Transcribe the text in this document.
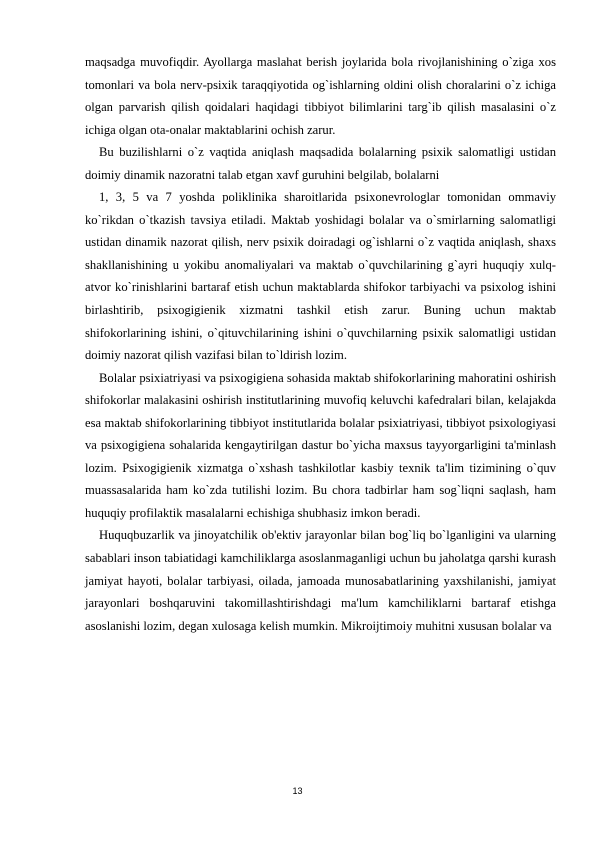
maqsadga muvofiqdir. Ayollarga maslahat berish joylarida bola rivojlanishining o`ziga xos tomonlari va bola nerv-psixik taraqqiyotida og`ishlarning oldini olish choralarini o`z ichiga olgan parvarish qilish qoidalari haqidagi tibbiyot bilimlarini targ`ib qilish masalasini o`z ichiga olgan ota-onalar maktablarini ochish zarur.

Bu buzilishlarni o`z vaqtida aniqlash maqsadida bolalarning psixik salomatligi ustidan doimiy dinamik nazoratni talab etgan xavf guruhini belgilab, bolalarni

1, 3, 5 va 7 yoshda poliklinika sharoitlarida psixonevrologlar tomonidan ommaviy ko`rikdan o`tkazish tavsiya etiladi. Maktab yoshidagi bolalar va o`smirlarning salomatligi ustidan dinamik nazorat qilish, nerv psixik doiradagi og`ishlarni o`z vaqtida aniqlash, shaxs shakllanishining u yokibu anomaliyalari va maktab o`quvchilarining g`ayri huquqiy xulq-atvor ko`rinishlarini bartaraf etish uchun maktablarda shifokor tarbiyachi va psixolog ishini birlashtirib, psixogigienik xizmatni tashkil etish zarur. Buning uchun maktab shifokorlarining ishini, o`qituvchilarining ishini o`quvchilarning psixik salomatligi ustidan doimiy nazorat qilish vazifasi bilan to`ldirish lozim.

Bolalar psixiatriyasi va psixogigiena sohasida maktab shifokorlarining mahoratini oshirish shifokorlar malakasini oshirish institutlarining muvofiq keluvchi kafedralari bilan, kelajakda esa maktab shifokorlarining tibbiyot institutlarida bolalar psixiatriyasi, tibbiyot psixologiyasi va psixogigiena sohalarida kengaytirilgan dastur bo`yicha maxsus tayyorgarligini ta'minlash lozim. Psixogigienik xizmatga o`xshash tashkilotlar kasbiy texnik ta'lim tizimining o`quv muassasalarida ham ko`zda tutilishi lozim. Bu chora tadbirlar ham sog`liqni saqlash, ham huquqiy profilaktik masalalarni echishiga shubhasiz imkon beradi.

Huquqbuzarlik va jinoyatchilik ob'ektiv jarayonlar bilan bog`liq bo`lganligini va ularning sabablari inson tabiatidagi kamchiliklarga asoslanmaganligi uchun bu jaholatga qarshi kurash jamiyat hayoti, bolalar tarbiyasi, oilada, jamoada munosabatlarining yaxshilanishi, jamiyat jarayonlari boshqaruvini takomillashtirishdagi ma'lum kamchiliklarni bartaraf etishga asoslanishi lozim, degan xulosaga kelish mumkin. Mikroijtimoiy muhitni xususan bolalar va

13
